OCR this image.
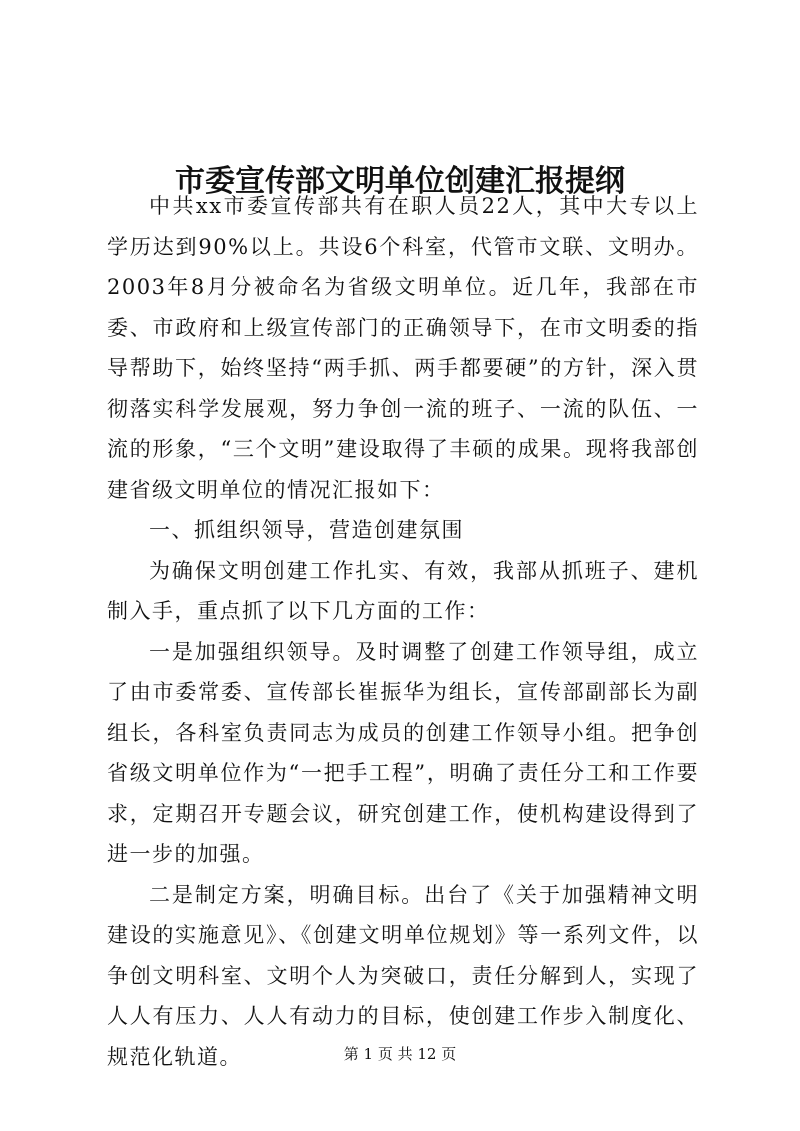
市委宣传部文明单位创建汇报提纲

中共xx市委宣传部共有在职人员22人，其中大专以上学历达到90%以上。共设6个科室，代管市文联、文明办。2003年8月分被命名为省级文明单位。近几年，我部在市委、市政府和上级宣传部门的正确领导下，在市文明委的指导帮助下，始终坚持“两手抓、两手都要硬”的方针，深入贯彻落实科学发展观，努力争创一流的班子、一流的队伍、一流的形象，“三个文明”建设取得了丰硕的成果。现将我部创建省级文明单位的情况汇报如下：

一、抓组织领导，营造创建氛围

为确保文明创建工作扎实、有效，我部从抓班子、建机制入手，重点抓了以下几方面的工作：

一是加强组织领导。及时调整了创建工作领导组，成立了由市委常委、宣传部长崔振华为组长，宣传部副部长为副组长，各科室负责同志为成员的创建工作领导小组。把争创省级文明单位作为“一把手工程”，明确了责任分工和工作要求，定期召开专题会议，研究创建工作，使机构建设得到了进一步的加强。

二是制定方案，明确目标。出台了《关于加强精神文明建设的实施意见》、《创建文明单位规划》等一系列文件，以争创文明科室、文明个人为突破口，责任分解到人，实现了人人有压力、人人有动力的目标，使创建工作步入制度化、规范化轨道。	第 1 页 共 12 页
